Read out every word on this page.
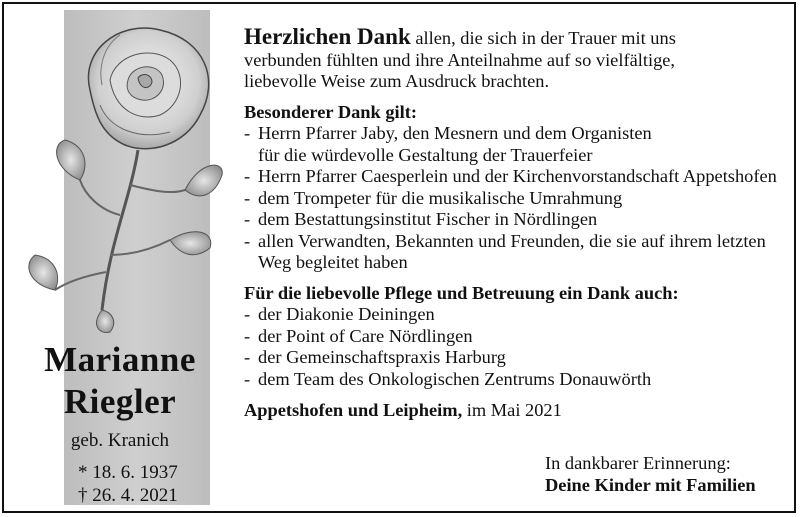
Marianne
Riegler
geb. Kranich
* 18. 6. 1937
† 26. 4. 2021
Herzlichen Dank allen, die sich in der Trauer mit uns
verbunden fühlten und ihre Anteilnahme auf so vielfältige,
liebevolle Weise zum Ausdruck brachten.
Besonderer Dank gilt:
- Herrn Pfarrer Jaby, den Mesnern und dem Organisten
für die würdevolle Gestaltung der Trauerfeier
- Herrn Pfarrer Caesperlein und der Kirchenvorstandschaft Appetshofen
- dem Trompeter für die musikalische Umrahmung
- dem Bestattungsinstitut Fischer in Nördlingen
- allen Verwandten, Bekannten und Freunden, die sie auf ihrem letzten
Weg begleitet haben
Für die liebevolle Pflege und Betreuung ein Dank auch:
- der Diakonie Deiningen
- der Point of Care Nördlingen
- der Gemeinschaftspraxis Harburg
- dem Team des Onkologischen Zentrums Donauwörth
Appetshofen und Leipheim, im Mai 2021
In dankbarer Erinnerung:
Deine Kinder mit Familien
